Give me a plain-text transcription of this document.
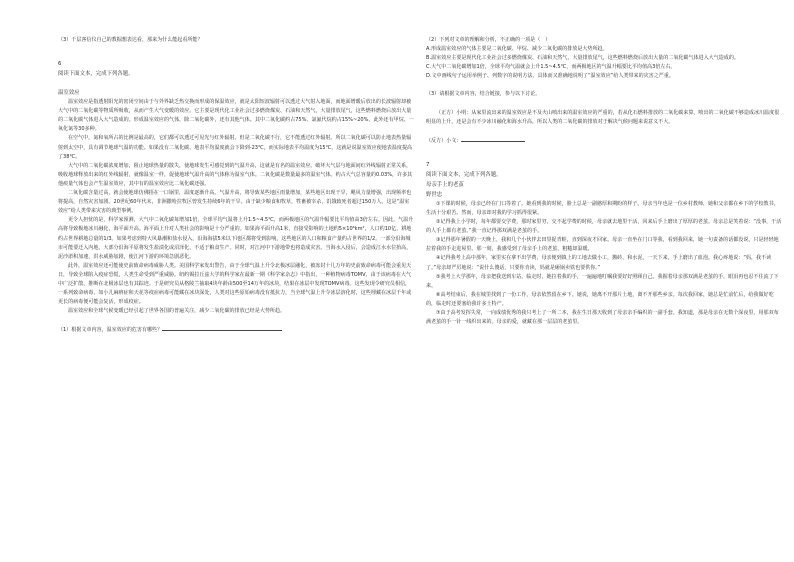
（3）千层客信仪自己的教掘想表达看，那来为什么能起看所能？

6

阅读下面文本，完成下列各题。

温室效应

温室效应是指透射阳光的密闭空间由于与外界缺乏热交换而形成的保温效应，就是太阳短波辐射可以透过大气射入地面，而地面增暖后放出的长波辐射却被大气中的二氧化碳等物质所吸收，从而产生大气变暖的效应。它主要是现代化工业社会过多燃烧煤炭、石油和天然气，大量排放尾气，这些燃料燃烧后放出大量的二氧化碳气体进入大气造成的。形成温室效应的气体，除二氧化碳外，还有其他气体。其中二氧化碳约占75%，氯氟代烷约占15%~20%，此外还有甲烷、一氧化氮等30多种。

在空气中，氮和氧所占的比例是最高的，它们都可以透过可见光与红外辐射。但是二氧化碳不行，它不能透过红外辐射。所以二氧化碳可以防止地表热量辐射到太空中，具有调节地球气温的功能。如果没有二氧化碳，地表平均温度就会下降到-23℃，而实际地表平均温度为15℃，这就是说温室效应使地表温度提高了38℃。

大气中的二氧化碳浓度增加，阻止地球热量的散失，使地球发生可感觉到的气温升高，这就是有名的温室效应。破坏大气层与地面间红外线辐射正常关系，吸收地球释放出来的红外线辐射，就像温室一样，促使地球气温升高的气体称为温室气体。二氧化碳是数量最多的温室气体。约占大气总容量的0.03%，许多其他痕量气体也会产生温室效应，其中有的温室效应比二氧化碳还强。

二氧化碳含量过高，就会使地球仿佛捂在一口锅里，温度逐渐升高。气温升高，将导致某些地区雨量增加，某些地区出现干旱，飓风力量增强，出现频率也将提高，自然灾害加剧。20世纪60年代末，非洲撒哈拉牧区曾发生持续6年的干旱。由于缺少粮食和牧草，牲畜被宰杀，饥饿致死者超过150万人。这是“温室效应”给人类带来灾害的典型事例。

更令人担忧的是，科学家预测，大气中二氧化碳每增加1倍，全球平均气温将上升1.5~4.5℃，而两极地区的气温升幅要比平均值高3倍左右。因此，气温升高将导致极地冰川融化，海平面升高。海平面上升对人类社会的影响是十分严重的。如果海平面升高1米，直接受影响的土地约5×10⁶km²，人口约10亿，耕地约占世界耕地总量的1/3。如果考虑到特大风暴潮和盐水侵入，沿海海拔5米以下地区都将受到影响，这些地区的人口和粮食产量约占世界的1/2。一部分沿海城市可能要迁入内地，大部分沿海平原将发生盐渍化或沼泽化，不适于粮食生产。同时，对江河中下游地带也将造成灾害。当海水入侵后，会造成江水水位抬高，泥沙淤积加速，洪水威胁加剧，使江河下游的环境急剧恶化。

此外，温室效应还可能使史前致命病毒威胁人类。美国科学家发出警告，由于全球气温上升令北极冰层融化，被冻封十几万年的史前致命病毒可能会重见天日，导致全球陷入疫症恐慌，人类生命受到严重威胁。纽约锡拉丘兹大学的科学家在最新一期《科学家杂志》中指出，一种植物病毒TOMV，由于该病毒在大气中广泛扩散，推断在北极冰层也有其踪迹。于是研究员从格陵兰抽取4块年龄由500至14万年的冰块，结果在冰层中发现TOMV病毒。这些发现令研究员相信，一系列致命病毒，如小儿麻痹症和天花等疫症病毒可能藏在冰块深处，人类对这些原始病毒没有抵抗力，当全球气温上升令冰层溶化时，这些埋藏在冰层千年或更长的病毒便可能会复活，形成疫症。

温室效应和全球气候变暖已经引起了世界各国的普遍关注，减少二氧化碳的排放已经是大势所趋。

（1）根据文章内容，温室效应的危害有哪些？

（2）下列对文章的理解和分析，不正确的一项是（　）

A.形成温室效应的气体主要是二氧化碳、甲烷、减少二氧化碳的排放是大势所趋。

B.温室效应主要是现代化工业社会过多燃烧煤炭、石油和天然气，大量排放尾气，这些燃料燃烧后放出大量的二氧化碳气体进入大气造成的。

C.大气中二氧化碳增加1倍，全球平均气温就会上升1.5~4.5℃，而两极地区的气温升幅要比平均值高3倍左右。

D.文中画线句子运用举例子、列数字的说明方法，具体而又准确地说明了“温室效应”给人类带来的灾害之严重。

（3）请根据文章内容，结合链接，参与以下讨论。

（正方）小明：从家里流出来的温室效应是不及火山喷出来的温室效应的严重的，若从化石燃料排放的二氧化碳来算，喷出的二氧化碳不够造成冰川温度很明显的上升，还是会有不少冰川融化和海水升高，所以人类的二氧化碳的排放对于解决气候问题来说意义不大。

（反方）小文：

7

阅读下面文本，完成下列各题。

母亲手上的老茧

野世忠

①下课的时候，母亲已经在门口等着了。她看到我的时候，脸上总是一副憨厚和期盼的样子。母亲当年也是一位乡村教师，她和父亲都在乡下的学校教书，生活十分艰苦。然而，母亲却对我的学习抓得很紧。

②记得我上小学时，每年都要交学费，那时家里穷，交不起学费的时候，母亲就去地里干活，回来后手上磨出了厚厚的老茧。母亲总是笑着说：“没事，干活的人手上都有老茧。”我一直记得那双满是老茧的手。

③记得那年暑假的一天晚上，我和几个小伙伴去田里捉青蛙，直到深夜才回家。母亲一直坐在门口等我，看到我回来，她一句责备的话都没说，只是轻轻地拉着我的手走进屋里。那一刻，我感受到了母亲手上的老茧，粗糙却温暖。

④记得我考上高中那年，家里实在拿不出学费，母亲便到镇上的工地去做小工，搬砖、和水泥，一天下来，手上磨出了血泡。我心疼地说：“妈，我不读了。”母亲却严厉地说：“说什么傻话，只要你肯读，妈就是砸锅卖铁也要供你。”

⑤我考上大学那年，母亲把我送到车站，临走时，她拉着我的手，一遍遍地叮嘱我要好好照顾自己。我握着母亲那双满是老茧的手，眼泪再也忍不住流了下来。

⑥高考结束后，我在城里找到了一份工作，母亲依然留在乡下。她说，她离不开那片土地，离不开那些乡亲。每次我回家，她总是忙前忙后，给我做好吃的，临走时还要塞给我许多土特产。

⑦由于高考发挥失常，一向成绩优秀的我只考上了一所二本，我在生日那天收到了母亲亲手编织的一副手套。我知道，那是母亲在无数个深夜里，用那双布满老茧的手一针一线织出来的。母亲的爱，就藏在那一层层的老茧里。
